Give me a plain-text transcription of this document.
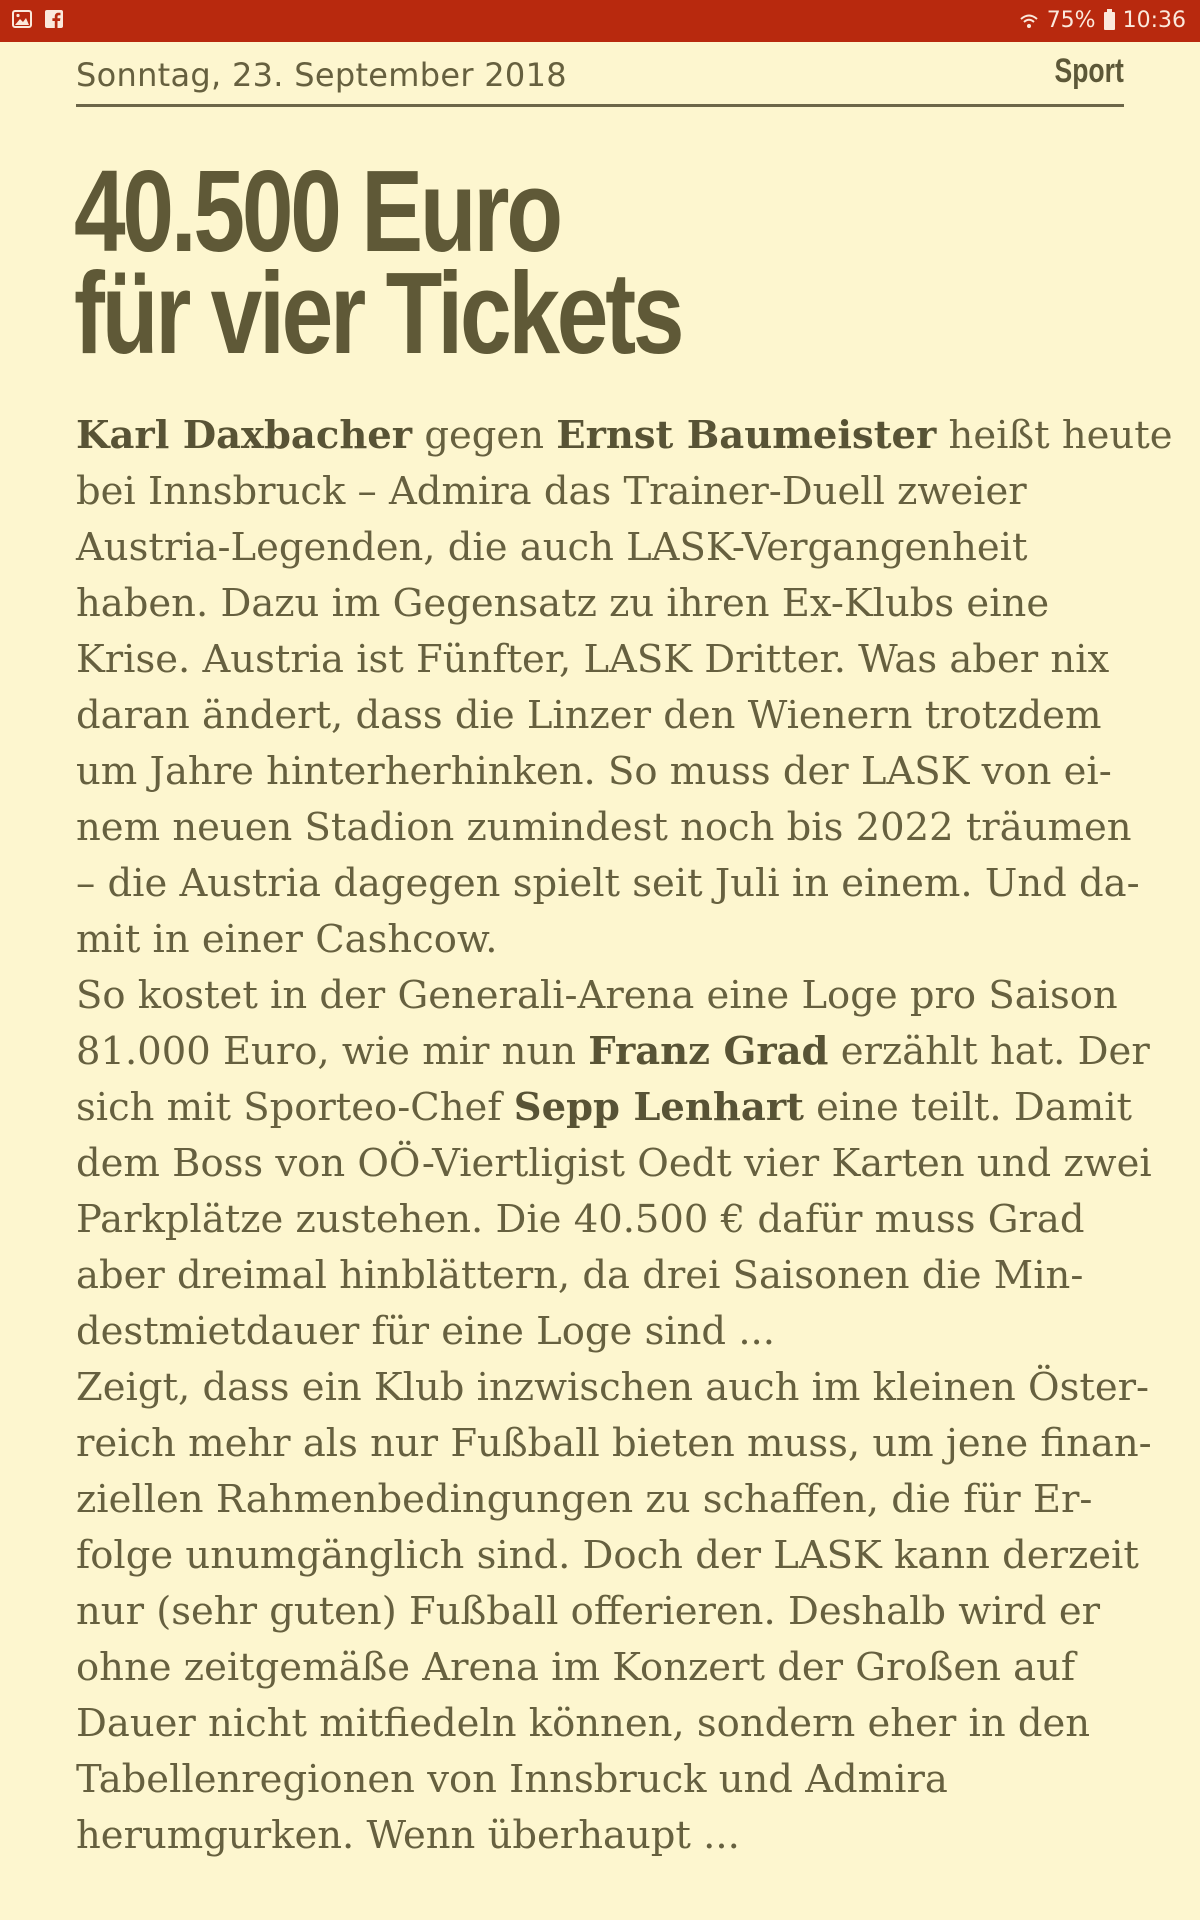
75% 10:36
Sonntag, 23. September 2018	Sport
40.500 Euro
für vier Tickets
Karl Daxbacher gegen Ernst Baumeister heißt heute
bei Innsbruck – Admira das Trainer-Duell zweier
Austria-Legenden, die auch LASK-Vergangenheit
haben. Dazu im Gegensatz zu ihren Ex-Klubs eine
Krise. Austria ist Fünfter, LASK Dritter. Was aber nix
daran ändert, dass die Linzer den Wienern trotzdem
um Jahre hinterherhinken. So muss der LASK von ei-
nem neuen Stadion zumindest noch bis 2022 träumen
– die Austria dagegen spielt seit Juli in einem. Und da-
mit in einer Cashcow.
So kostet in der Generali-Arena eine Loge pro Saison
81.000 Euro, wie mir nun Franz Grad erzählt hat. Der
sich mit Sporteo-Chef Sepp Lenhart eine teilt. Damit
dem Boss von OÖ-Viertligist Oedt vier Karten und zwei
Parkplätze zustehen. Die 40.500 € dafür muss Grad
aber dreimal hinblättern, da drei Saisonen die Min-
destmietdauer für eine Loge sind ...
Zeigt, dass ein Klub inzwischen auch im kleinen Öster-
reich mehr als nur Fußball bieten muss, um jene finan-
ziellen Rahmenbedingungen zu schaffen, die für Er-
folge unumgänglich sind. Doch der LASK kann derzeit
nur (sehr guten) Fußball offerieren. Deshalb wird er
ohne zeitgemäße Arena im Konzert der Großen auf
Dauer nicht mitfiedeln können, sondern eher in den
Tabellenregionen von Innsbruck und Admira
herumgurken. Wenn überhaupt ...
